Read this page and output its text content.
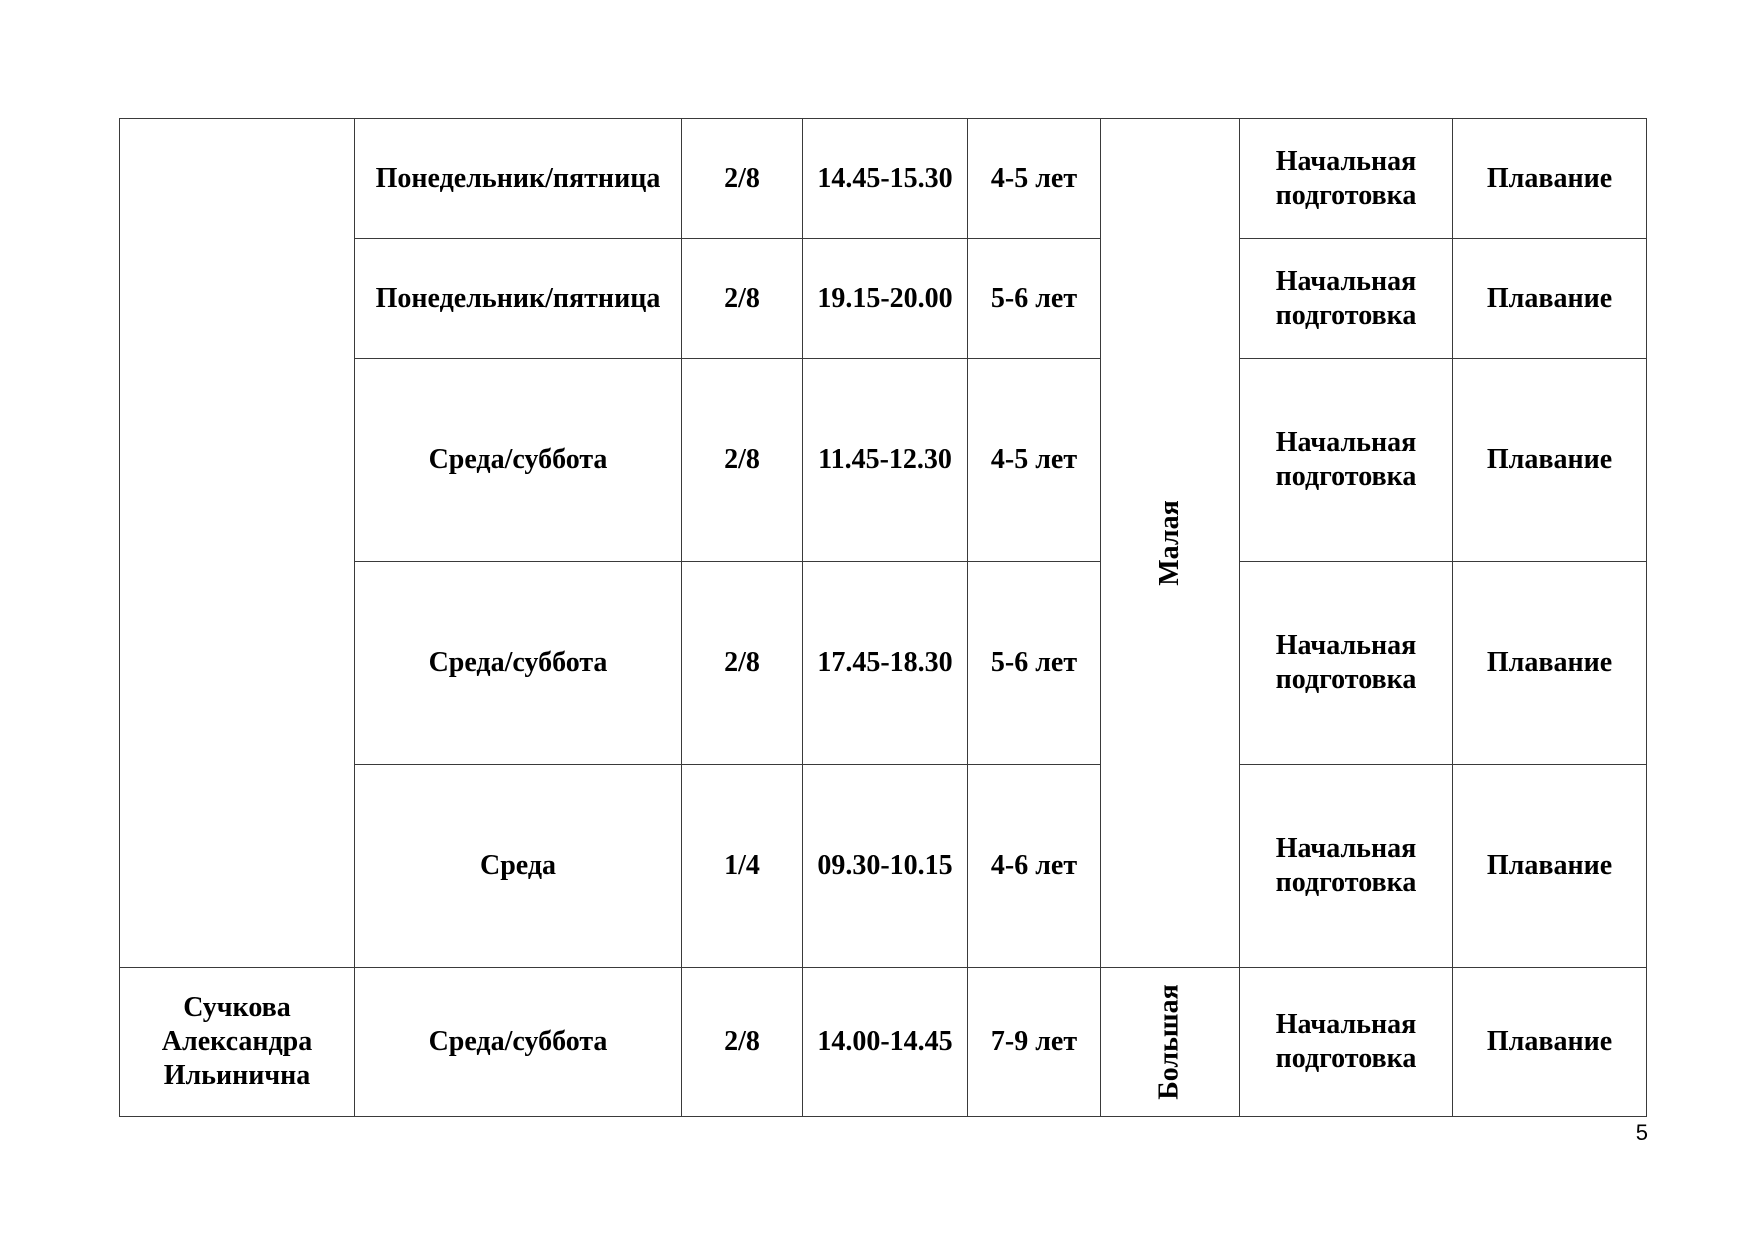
	Понедельник/пятница	2/8	14.45-15.30	4-5 лет	Малая	Начальная
подготовка	Плавание
	Понедельник/пятница	2/8	19.15-20.00	5-6 лет		Начальная
подготовка	Плавание
	Среда/суббота	2/8	11.45-12.30	4-5 лет		Начальная
подготовка	Плавание
	Среда/суббота	2/8	17.45-18.30	5-6 лет		Начальная
подготовка	Плавание
	Среда	1/4	09.30-10.15	4-6 лет		Начальная
подготовка	Плавание

Сучкова
Александра
Ильинична	Среда/суббота	2/8	14.00-14.45	7-9 лет	Большая	Начальная
подготовка	Плавание
5
